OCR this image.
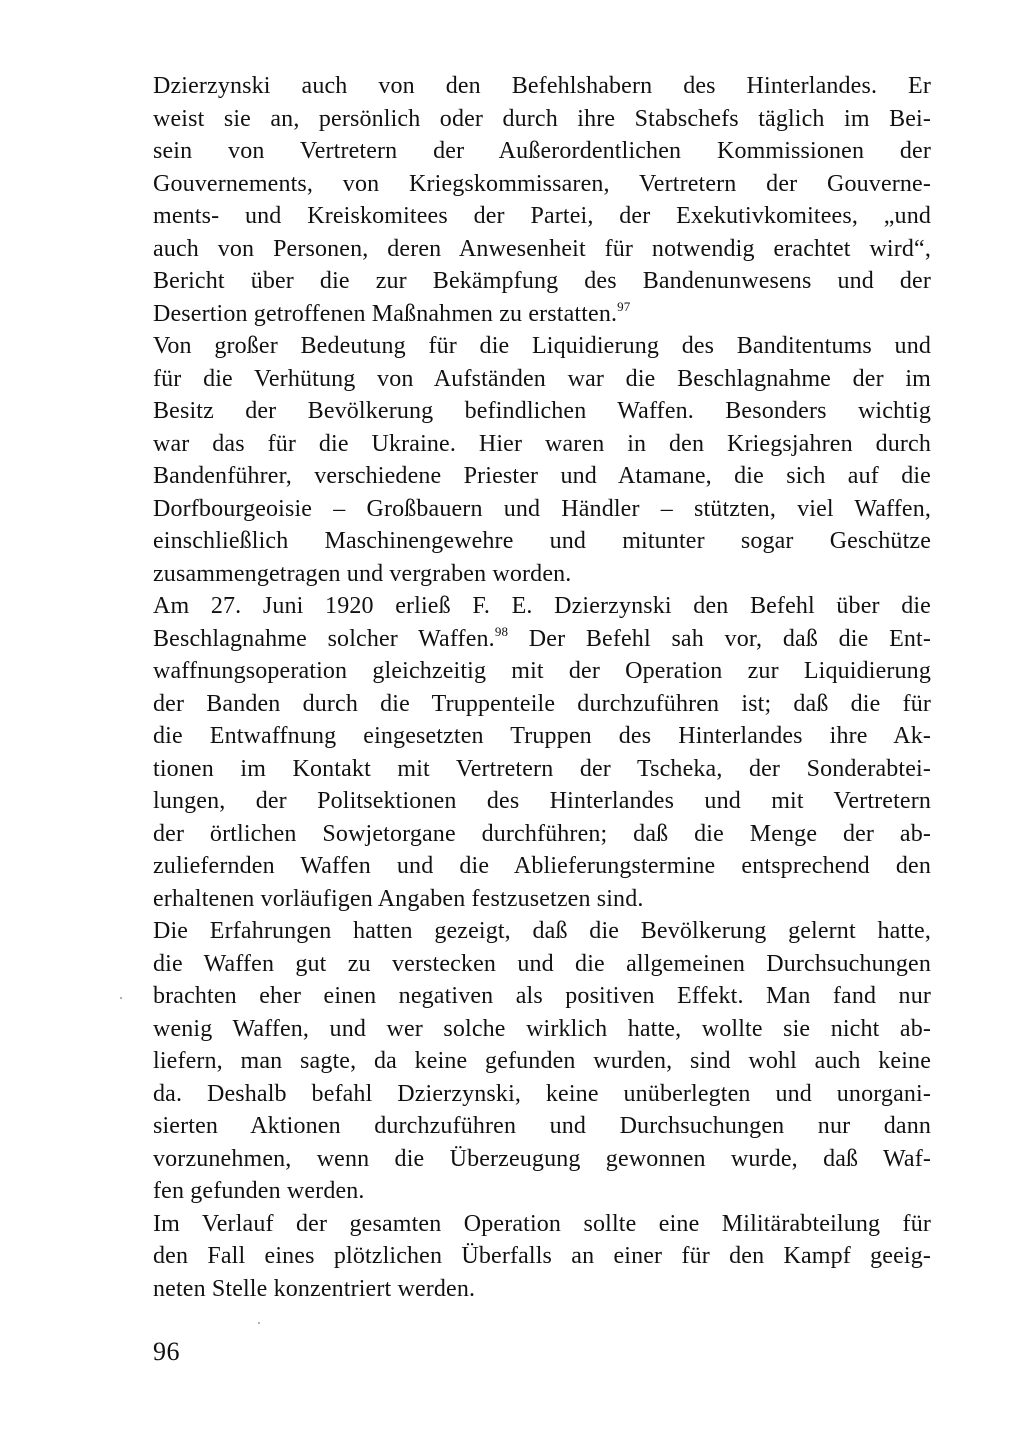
Dzierzynski auch von den Befehlshabern des Hinterlandes. Er
weist sie an, persönlich oder durch ihre Stabschefs täglich im Bei-
sein von Vertretern der Außerordentlichen Kommissionen der
Gouvernements, von Kriegskommissaren, Vertretern der Gouverne-
ments- und Kreiskomitees der Partei, der Exekutivkomitees, „und
auch von Personen, deren Anwesenheit für notwendig erachtet wird“,
Bericht über die zur Bekämpfung des Bandenunwesens und der
Desertion getroffenen Maßnahmen zu erstatten.$^{97}$
Von großer Bedeutung für die Liquidierung des Banditentums und
für die Verhütung von Aufständen war die Beschlagnahme der im
Besitz der Bevölkerung befindlichen Waffen. Besonders wichtig
war das für die Ukraine. Hier waren in den Kriegsjahren durch
Bandenführer, verschiedene Priester und Atamane, die sich auf die
Dorfbourgeoisie – Großbauern und Händler – stützten, viel Waffen,
einschließlich Maschinengewehre und mitunter sogar Geschütze
zusammengetragen und vergraben worden.
Am 27. Juni 1920 erließ F. E. Dzierzynski den Befehl über die
Beschlagnahme solcher Waffen.$^{98}$ Der Befehl sah vor, daß die Ent-
waffnungsoperation gleichzeitig mit der Operation zur Liquidierung
der Banden durch die Truppenteile durchzuführen ist; daß die für
die Entwaffnung eingesetzten Truppen des Hinterlandes ihre Ak-
tionen im Kontakt mit Vertretern der Tscheka, der Sonderabtei-
lungen, der Politsektionen des Hinterlandes und mit Vertretern
der örtlichen Sowjetorgane durchführen; daß die Menge der ab-
zuliefernden Waffen und die Ablieferungstermine entsprechend den
erhaltenen vorläufigen Angaben festzusetzen sind.
Die Erfahrungen hatten gezeigt, daß die Bevölkerung gelernt hatte,
die Waffen gut zu verstecken und die allgemeinen Durchsuchungen
brachten eher einen negativen als positiven Effekt. Man fand nur
wenig Waffen, und wer solche wirklich hatte, wollte sie nicht ab-
liefern, man sagte, da keine gefunden wurden, sind wohl auch keine
da. Deshalb befahl Dzierzynski, keine unüberlegten und unorgani-
sierten Aktionen durchzuführen und Durchsuchungen nur dann
vorzunehmen, wenn die Überzeugung gewonnen wurde, daß Waf-
fen gefunden werden.
Im Verlauf der gesamten Operation sollte eine Militärabteilung für
den Fall eines plötzlichen Überfalls an einer für den Kampf geeig-
neten Stelle konzentriert werden.
96
